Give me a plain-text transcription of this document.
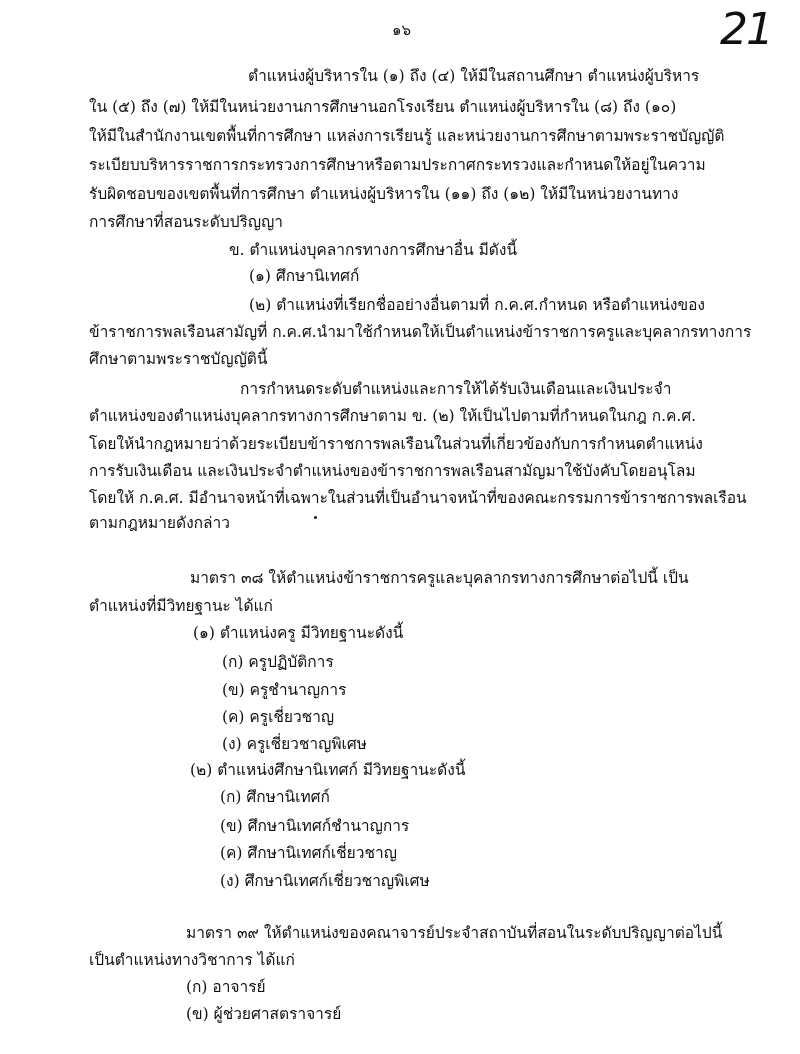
๑๖	21
ตำแหน่งผู้บริหารใน (๑) ถึง (๔) ให้มีในสถานศึกษา ตำแหน่งผู้บริหาร
ใน (๕) ถึง (๗) ให้มีในหน่วยงานการศึกษานอกโรงเรียน ตำแหน่งผู้บริหารใน (๘) ถึง (๑๐)
ให้มีในสำนักงานเขตพื้นที่การศึกษา แหล่งการเรียนรู้ และหน่วยงานการศึกษาตามพระราชบัญญัติ
ระเบียบบริหารราชการกระทรวงการศึกษาหรือตามประกาศกระทรวงและกำหนดให้อยู่ในความ
รับผิดชอบของเขตพื้นที่การศึกษา ตำแหน่งผู้บริหารใน (๑๑) ถึง (๑๒) ให้มีในหน่วยงานทาง
การศึกษาที่สอนระดับปริญญา
ข. ตำแหน่งบุคลากรทางการศึกษาอื่น มีดังนี้
(๑) ศึกษานิเทศก์
(๒) ตำแหน่งที่เรียกชื่ออย่างอื่นตามที่ ก.ค.ศ.กำหนด หรือตำแหน่งของ
ข้าราชการพลเรือนสามัญที่ ก.ค.ศ.นำมาใช้กำหนดให้เป็นตำแหน่งข้าราชการครูและบุคลากรทางการ
ศึกษาตามพระราชบัญญัตินี้
การกำหนดระดับตำแหน่งและการให้ได้รับเงินเดือนและเงินประจำ
ตำแหน่งของตำแหน่งบุคลากรทางการศึกษาตาม ข. (๒) ให้เป็นไปตามที่กำหนดในกฎ ก.ค.ศ.
โดยให้นำกฎหมายว่าด้วยระเบียบข้าราชการพลเรือนในส่วนที่เกี่ยวข้องกับการกำหนดตำแหน่ง
การรับเงินเดือน และเงินประจำตำแหน่งของข้าราชการพลเรือนสามัญมาใช้บังคับโดยอนุโลม
โดยให้ ก.ค.ศ. มีอำนาจหน้าที่เฉพาะในส่วนที่เป็นอำนาจหน้าที่ของคณะกรรมการข้าราชการพลเรือน
ตามกฎหมายดังกล่าว
มาตรา ๓๘ ให้ตำแหน่งข้าราชการครูและบุคลากรทางการศึกษาต่อไปนี้ เป็น
ตำแหน่งที่มีวิทยฐานะ ได้แก่
(๑) ตำแหน่งครู มีวิทยฐานะดังนี้
(ก) ครูปฏิบัติการ
(ข) ครูชำนาญการ
(ค) ครูเชี่ยวชาญ
(ง) ครูเชี่ยวชาญพิเศษ
(๒) ตำแหน่งศึกษานิเทศก์ มีวิทยฐานะดังนี้
(ก) ศึกษานิเทศก์
(ข) ศึกษานิเทศก์ชำนาญการ
(ค) ศึกษานิเทศก์เชี่ยวชาญ
(ง) ศึกษานิเทศก์เชี่ยวชาญพิเศษ
มาตรา ๓๙ ให้ตำแหน่งของคณาจารย์ประจำสถาบันที่สอนในระดับปริญญาต่อไปนี้
เป็นตำแหน่งทางวิชาการ ได้แก่
(ก) อาจารย์
(ข) ผู้ช่วยศาสตราจารย์
